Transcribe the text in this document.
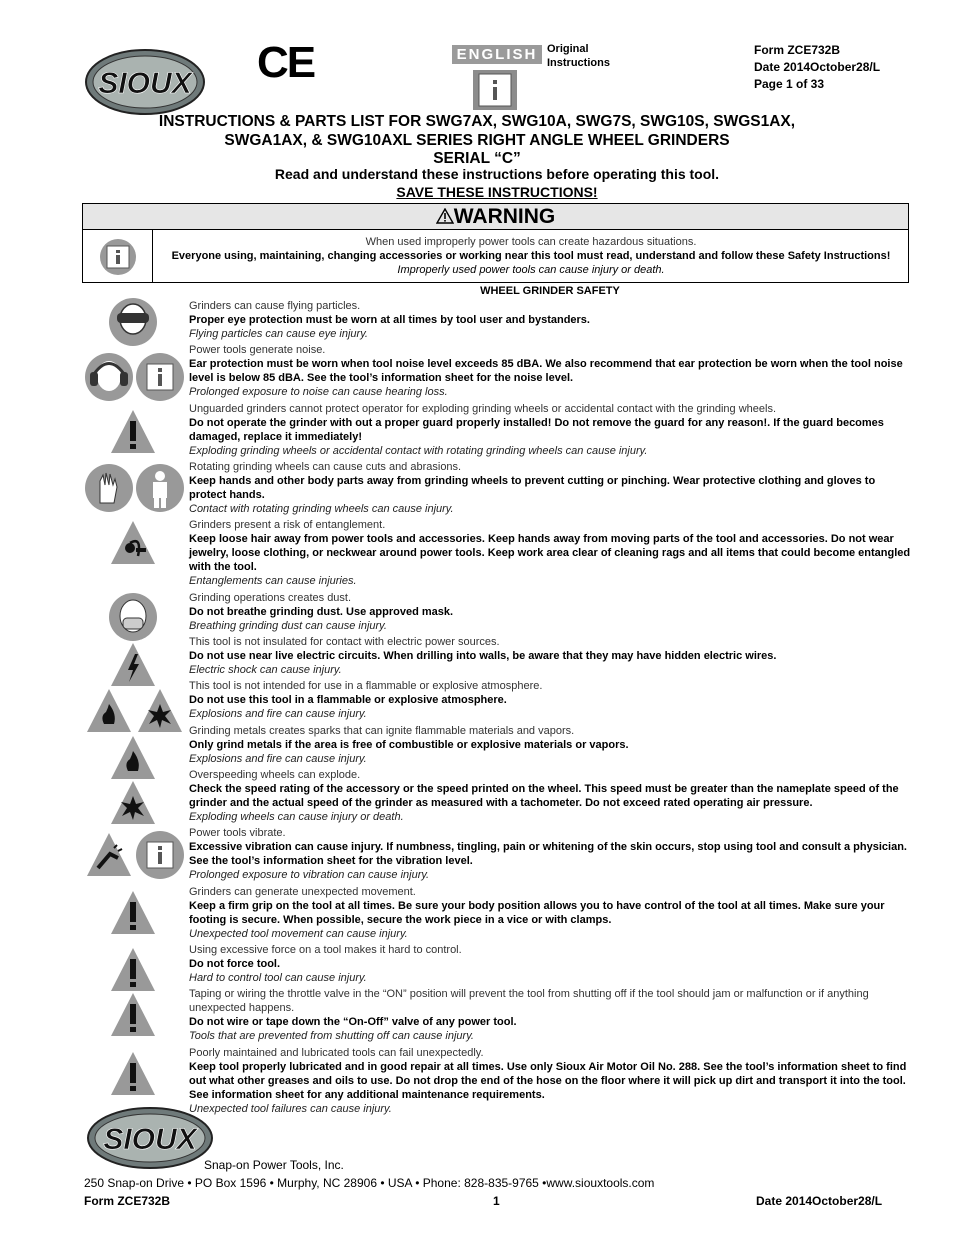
SIOUX CE	ENGLISH Original
Instructions
Form ZCE732B
Date 2014October28/L
Page 1 of 33
INSTRUCTIONS & PARTS LIST FOR SWG7AX, SWG10A, SWG7S, SWG10S, SWGS1AX,
SWGA1AX, & SWG10AXL SERIES RIGHT ANGLE WHEEL GRINDERS
SERIAL “C”
Read and understand these instructions before operating this tool.
SAVE THESE INSTRUCTIONS!
WARNING
When used improperly power tools can create hazardous situations.
Everyone using, maintaining, changing accessories or working near this tool must read, understand and follow these Safety Instructions!
Improperly used power tools can cause injury or death.
WHEEL GRINDER SAFETY
Grinders can cause flying particles.
Proper eye protection must be worn at all times by tool user and bystanders.
Flying particles can cause eye injury.
Power tools generate noise.
Ear protection must be worn when tool noise level exceeds 85 dBA. We also recommend that ear protection be worn when the tool noise level is below 85 dBA. See the tool’s information sheet for the noise level.
Prolonged exposure to noise can cause hearing loss.
Unguarded grinders cannot protect operator for exploding grinding wheels or accidental contact with the grinding wheels.
Do not operate the grinder with out a proper guard properly installed! Do not remove the guard for any reason!. If the guard becomes damaged, replace it immediately!
Exploding grinding wheels or accidental contact with rotating grinding wheels can cause injury.
Rotating grinding wheels can cause cuts and abrasions.
Keep hands and other body parts away from grinding wheels to prevent cutting or pinching. Wear protective clothing and gloves to protect hands.
Contact with rotating grinding wheels can cause injury.
Grinders present a risk of entanglement.
Keep loose hair away from power tools and accessories. Keep hands away from moving parts of the tool and accessories. Do not wear jewelry, loose clothing, or neckwear around power tools. Keep work area clear of cleaning rags and all items that could become entangled with the tool.
Entanglements can cause injuries.
Grinding operations creates dust.
Do not breathe grinding dust. Use approved mask.
Breathing grinding dust can cause injury.
This tool is not insulated for contact with electric power sources.
Do not use near live electric circuits. When drilling into walls, be aware that they may have hidden electric wires.
Electric shock can cause injury.
This tool is not intended for use in a flammable or explosive atmosphere.
Do not use this tool in a flammable or explosive atmosphere.
Explosions and fire can cause injury.
Grinding metals creates sparks that can ignite flammable materials and vapors.
Only grind metals if the area is free of combustible or explosive materials or vapors.
Explosions and fire can cause injury.
Overspeeding wheels can explode.
Check the speed rating of the accessory or the speed printed on the wheel. This speed must be greater than the nameplate speed of the grinder and the actual speed of the grinder as measured with a tachometer. Do not exceed rated operating air pressure.
Exploding wheels can cause injury or death.
Power tools vibrate.
Excessive vibration can cause injury. If numbness, tingling, pain or whitening of the skin occurs, stop using tool and consult a physician. See the tool’s information sheet for the vibration level.
Prolonged exposure to vibration can cause injury.
Grinders can generate unexpected movement.
Keep a firm grip on the tool at all times. Be sure your body position allows you to have control of the tool at all times. Make sure your footing is secure. When possible, secure the work piece in a vice or with clamps.
Unexpected tool movement can cause injury.
Using excessive force on a tool makes it hard to control.
Do not force tool.
Hard to control tool can cause injury.
Taping or wiring the throttle valve in the “ON” position will prevent the tool from shutting off if the tool should jam or malfunction or if anything unexpected happens.
Do not wire or tape down the “On-Off” valve of any power tool.
Tools that are prevented from shutting off can cause injury.
Poorly maintained and lubricated tools can fail unexpectedly.
Keep tool properly lubricated and in good repair at all times. Use only Sioux Air Motor Oil No. 288. See the tool’s information sheet to find out what other greases and oils to use. Do not drop the end of the hose on the floor where it will pick up dirt and transport it into the tool. See information sheet for any additional maintenance requirements.
Unexpected tool failures can cause injury.
SIOUX
Snap-on Power Tools, Inc.
250 Snap-on Drive • PO Box 1596 • Murphy, NC 28906 • USA • Phone: 828-835-9765 •www.siouxtools.com
Form ZCE732B	1	Date 2014October28/L
